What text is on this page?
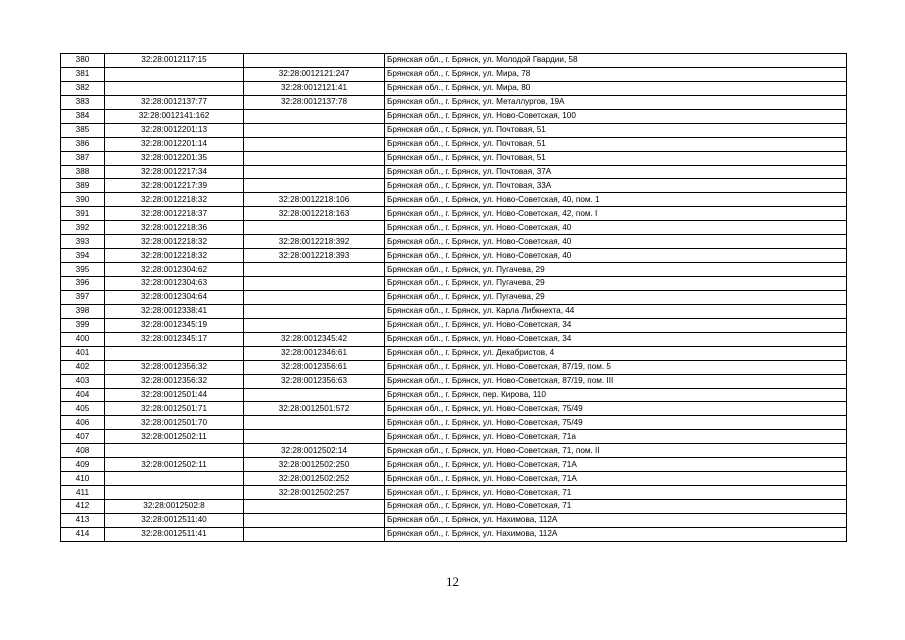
380	32:28:0012117:15		Брянская обл., г. Брянск, ул. Молодой Гвардии, 58
381		32:28:0012121:247	Брянская обл., г. Брянск, ул. Мира, 78
382		32:28:0012121:41	Брянская обл., г. Брянск, ул. Мира, 80
383	32:28:0012137:77	32:28:0012137:78	Брянская обл., г. Брянск, ул. Металлургов, 19А
384	32:28:0012141:162		Брянская обл., г. Брянск, ул. Ново-Советская, 100
385	32:28:0012201:13		Брянская обл., г. Брянск, ул. Почтовая, 51
386	32:28:0012201:14		Брянская обл., г. Брянск, ул. Почтовая, 51
387	32:28:0012201:35		Брянская обл., г. Брянск, ул. Почтовая, 51
388	32:28:0012217:34		Брянская обл., г. Брянск, ул. Почтовая, 37А
389	32:28:0012217:39		Брянская обл., г. Брянск, ул. Почтовая, 33А
390	32:28:0012218:32	32:28:0012218:106	Брянская обл., г. Брянск, ул. Ново-Советская, 40, пом. 1
391	32:28:0012218:37	32:28:0012218:163	Брянская обл., г. Брянск, ул. Ново-Советская, 42, пом. I
392	32:28:0012218:36		Брянская обл., г. Брянск, ул. Ново-Советская, 40
393	32:28:0012218:32	32:28:0012218:392	Брянская обл., г. Брянск, ул. Ново-Советская, 40
394	32:28:0012218:32	32:28:0012218:393	Брянская обл., г. Брянск, ул. Ново-Советская, 40
395	32:28:0012304:62		Брянская обл., г. Брянск, ул. Пугачева, 29
396	32:28:0012304:63		Брянская обл., г. Брянск, ул. Пугачева, 29
397	32:28:0012304:64		Брянская обл., г. Брянск, ул. Пугачева, 29
398	32:28:0012338:41		Брянская обл., г. Брянск, ул. Карла Либкнехта, 44
399	32:28:0012345:19		Брянская обл., г. Брянск, ул. Ново-Советская, 34
400	32:28:0012345:17	32:28:0012345:42	Брянская обл., г. Брянск, ул. Ново-Советская, 34
401		32:28:0012346:61	Брянская обл., г. Брянск, ул. Декабристов, 4
402	32:28:0012356:32	32:28:0012356:61	Брянская обл., г. Брянск, ул. Ново-Советская, 87/19, пом. 5
403	32:28:0012356:32	32:28:0012356:63	Брянская обл., г. Брянск, ул. Ново-Советская, 87/19, пом. III
404	32:28:0012501:44		Брянская обл., г. Брянск, пер. Кирова, 110
405	32:28:0012501:71	32:28:0012501:572	Брянская обл., г. Брянск, ул. Ново-Советская, 75/49
406	32:28:0012501:70		Брянская обл., г. Брянск, ул. Ново-Советская, 75/49
407	32:28:0012502:11		Брянская обл., г. Брянск, ул. Ново-Советская, 71а
408		32:28:0012502:14	Брянская обл., г. Брянск, ул. Ново-Советская, 71, пом. II
409	32:28:0012502:11	32:28:0012502:250	Брянская обл., г. Брянск, ул. Ново-Советская, 71А
410		32:28:0012502:252	Брянская обл., г. Брянск, ул. Ново-Советская, 71А
411		32:28:0012502:257	Брянская обл., г. Брянск, ул. Ново-Советская, 71
412	32:28:0012502:8		Брянская обл., г. Брянск, ул. Ново-Советская, 71
413	32:28:0012511:40		Брянская обл., г. Брянск, ул. Нахимова, 112А
414	32:28:0012511:41		Брянская обл., г. Брянск, ул. Нахимова, 112А
12
